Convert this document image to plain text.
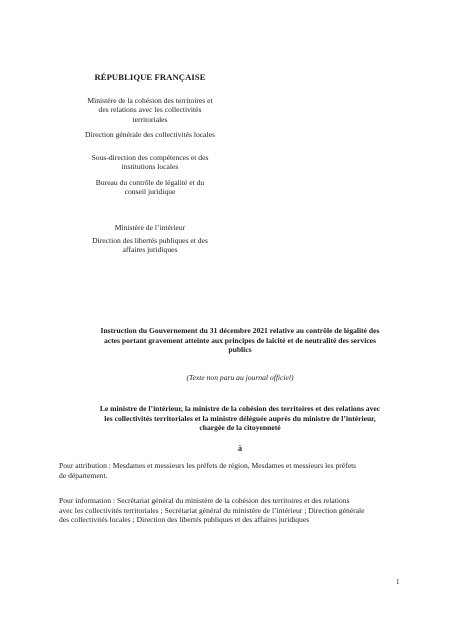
RÉPUBLIQUE FRANÇAISE
Ministère de la cohésion des territoires et
des relations avec les collectivités
territoriales
Direction générale des collectivités locales
Sous-direction des compétences et des
institutions locales
Bureau du contrôle de légalité et du
conseil juridique
Ministère de l’intérieur
Direction des libertés publiques et des
affaires juridiques
Instruction du Gouvernement du 31 décembre 2021 relative au contrôle de légalité des
actes portant gravement atteinte aux principes de laïcité et de neutralité des services
publics
(Texte non paru au journal officiel)
Le ministre de l’intérieur, la ministre de la cohésion des territoires et des relations avec
les collectivités territoriales et la ministre déléguée auprès du ministre de l’intérieur,
chargée de la citoyenneté
à
Pour attribution : Mesdames et messieurs les préfets de région, Mesdames et messieurs les préfets
de département.
Pour information : Secrétariat général du ministère de la cohésion des territoires et des relations
avec les collectivités territoriales ; Secrétariat général du ministère de l’intérieur ; Direction générale
des collectivités locales ; Direction des libertés publiques et des affaires juridiques
1
